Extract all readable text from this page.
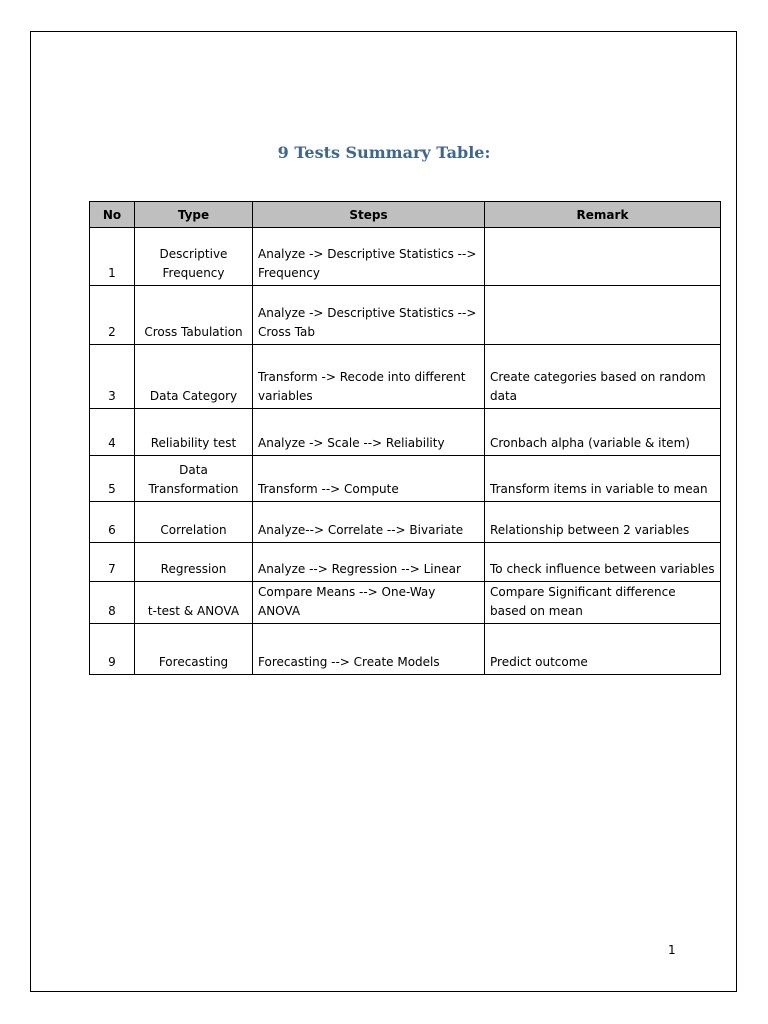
9 Tests Summary Table:
No	Type	Steps	Remark
1	Descriptive Frequency	Analyze -> Descriptive Statistics --> Frequency	
2	Cross Tabulation	Analyze -> Descriptive Statistics --> Cross Tab	
3	Data Category	Transform -> Recode into different variables	Create categories based on random data
4	Reliability test	Analyze -> Scale --> Reliability	Cronbach alpha (variable & item)
5	Data Transformation	Transform --> Compute	Transform items in variable to mean
6	Correlation	Analyze--> Correlate --> Bivariate	Relationship between 2 variables
7	Regression	Analyze --> Regression --> Linear	To check influence between variables
8	t-test & ANOVA	Compare Means --> One-Way ANOVA	Compare Significant difference based on mean
9	Forecasting	Forecasting --> Create Models	Predict outcome
1
